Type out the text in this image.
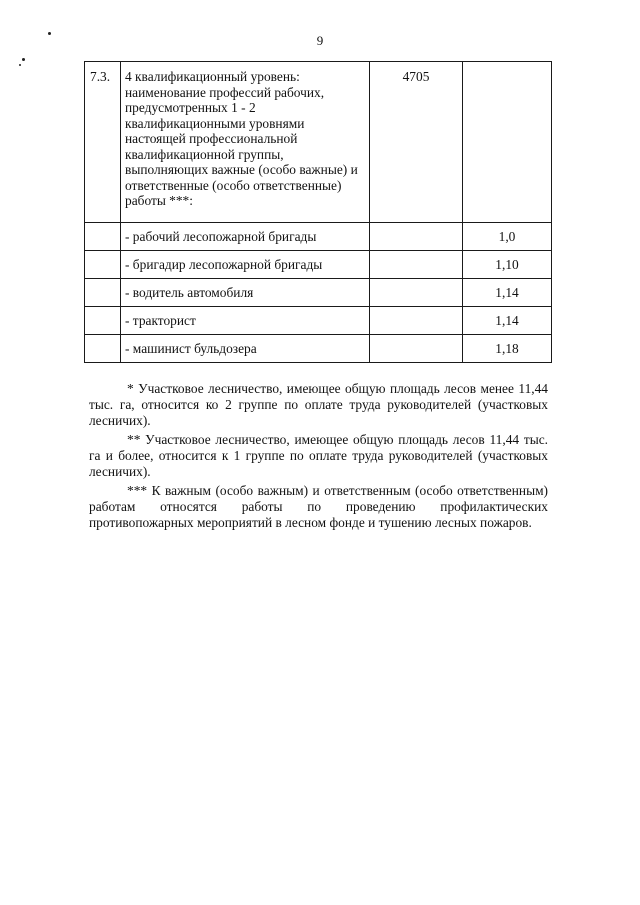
9
7.3.	4 квалификационный уровень: наименование профессий рабочих, предусмотренных 1 - 2 квалификационными уровнями настоящей профессиональной квалификационной группы, выполняющих важные (особо важные) и ответственные (особо ответственные) работы ***:	4705	
	- рабочий лесопожарной бригады		1,0
	- бригадир лесопожарной бригады		1,10
	- водитель автомобиля		1,14
	- тракторист		1,14
	- машинист бульдозера		1,18

* Участковое лесничество, имеющее общую площадь лесов менее 11,44 тыс. га, относится ко 2 группе по оплате труда руководителей (участковых лесничих).

** Участковое лесничество, имеющее общую площадь лесов 11,44 тыс. га и более, относится к 1 группе по оплате труда руководителей (участковых лесничих).

*** К важным (особо важным) и ответственным (особо ответственным) работам относятся работы по проведению профилактических противопожарных мероприятий в лесном фонде и тушению лесных пожаров.
